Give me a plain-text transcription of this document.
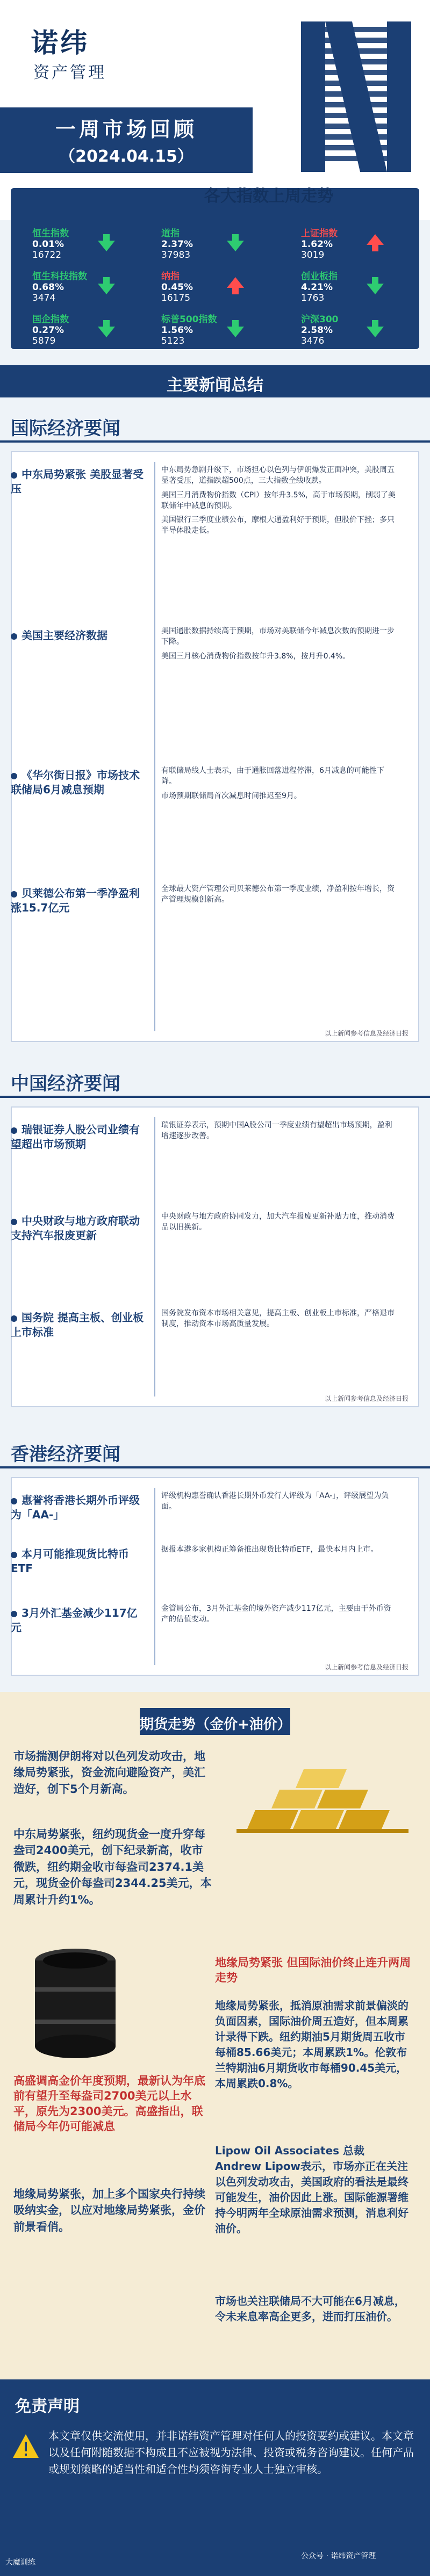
诺纬
资产管理
一周市场回顾
（2024.04.15）
各大指数上周走势
恒生指数
0.01%
16722
恒生科技指数
0.68%
3474
国企指数
0.27%
5879
道指
2.37%
37983
纳指
0.45%
16175
标普500指数
1.56%
5123
上证指数
1.62%
3019
创业板指
4.21%
1763
沪深300
2.58%
3476
主要新闻总结
国际经济要闻
中东局势紧张 美股显著受压

中东局势急剧升级下，市场担心以色列与伊朗爆发正面冲突，美股周五显著受压，道指跌超500点，三大指数全线收跌。

美国三月消费物价指数（CPI）按年升3.5%，高于市场预期，削弱了美联储年中减息的预期。

美国银行三季度业绩公布，摩根大通盈利好于预期，但股价下挫；多只半导体股走低。

美国主要经济数据	美国通胀数据持续高于预期，市场对美联储今年减息次数的预期进一步下降。

美国三月核心消费物价指数按年升3.8%，按月升0.4%。

《华尔街日报》市场技术联储局6月减息预期

有联储局线人士表示，由于通胀回落进程停滞，6月减息的可能性下降。

市场预期联储局首次减息时间推迟至9月。

贝莱德公布第一季净盈利涨15.7亿元

全球最大资产管理公司贝莱德公布第一季度业绩，净盈利按年增长，资产管理规模创新高。

以上新闻参考信息及经济日报
中国经济要闻
瑞银证券人股公司业绩有望超出市场预期

瑞银证券表示，预期中国A股公司一季度业绩有望超出市场预期，盈利增速逐步改善。

中央财政与地方政府联动支持汽车报废更新

中央财政与地方政府协同发力，加大汽车报废更新补贴力度，推动消费品以旧换新。

国务院 提高主板、创业板上市标准

国务院发布资本市场相关意见，提高主板、创业板上市标准，严格退市制度，推动资本市场高质量发展。

以上新闻参考信息及经济日报
香港经济要闻
惠誉将香港长期外币评级为「AA-」

评级机构惠誉确认香港长期外币发行人评级为「AA-」，评级展望为负面。

本月可能推现货比特币ETF

据报本港多家机构正筹备推出现货比特币ETF，最快本月内上市。

3月外汇基金减少117亿元

金管局公布，3月外汇基金的境外资产减少117亿元，主要由于外币资产的估值变动。

以上新闻参考信息及经济日报
期货走势（金价+油价）
市场揣测伊朗将对以色列发动攻击，地缘局势紧张，资金流向避险资产，美汇造好，创下5个月新高。
中东局势紧张，纽约现货金一度升穿每盎司2400美元，创下纪录新高，收市微跌，纽约期金收市每盎司2374.1美元，现货金价每盎司2344.25美元，本周累计升约1%。
高盛调高金价年度预期，最新认为年底前有望升至每盎司2700美元以上水平，原先为2300美元。高盛指出，联储局今年仍可能减息
地缘局势紧张，加上多个国家央行持续吸纳实金，以应对地缘局势紧张，金价前景看俏。
地缘局势紧张 但国际油价终止连升两周走势
地缘局势紧张，抵消原油需求前景偏淡的负面因素，国际油价周五造好，但本周累计录得下跌。纽约期油5月期货周五收市每桶85.66美元；本周累跌1%。伦敦布兰特期油6月期货收市每桶90.45美元，本周累跌0.8%。
Lipow Oil Associates 总裁 Andrew Lipow表示，市场亦正在关注以色列发动攻击，美国政府的看法是最终可能发生，油价因此上涨。国际能源署维持今明两年全球原油需求预测，消息利好油价。
市场也关注联储局不大可能在6月减息，令未来息率高企更多，进而打压油价。
免责声明
本文章仅供交流使用，并非诺纬资产管理对任何人的投资要约或建议。本文章以及任何附随数据不构成且不应被视为法律、投资或税务咨询建议。任何产品或规划策略的适当性和适合性均须咨询专业人士独立审核。
大魔训练
公众号 · 诺纬资产管理
